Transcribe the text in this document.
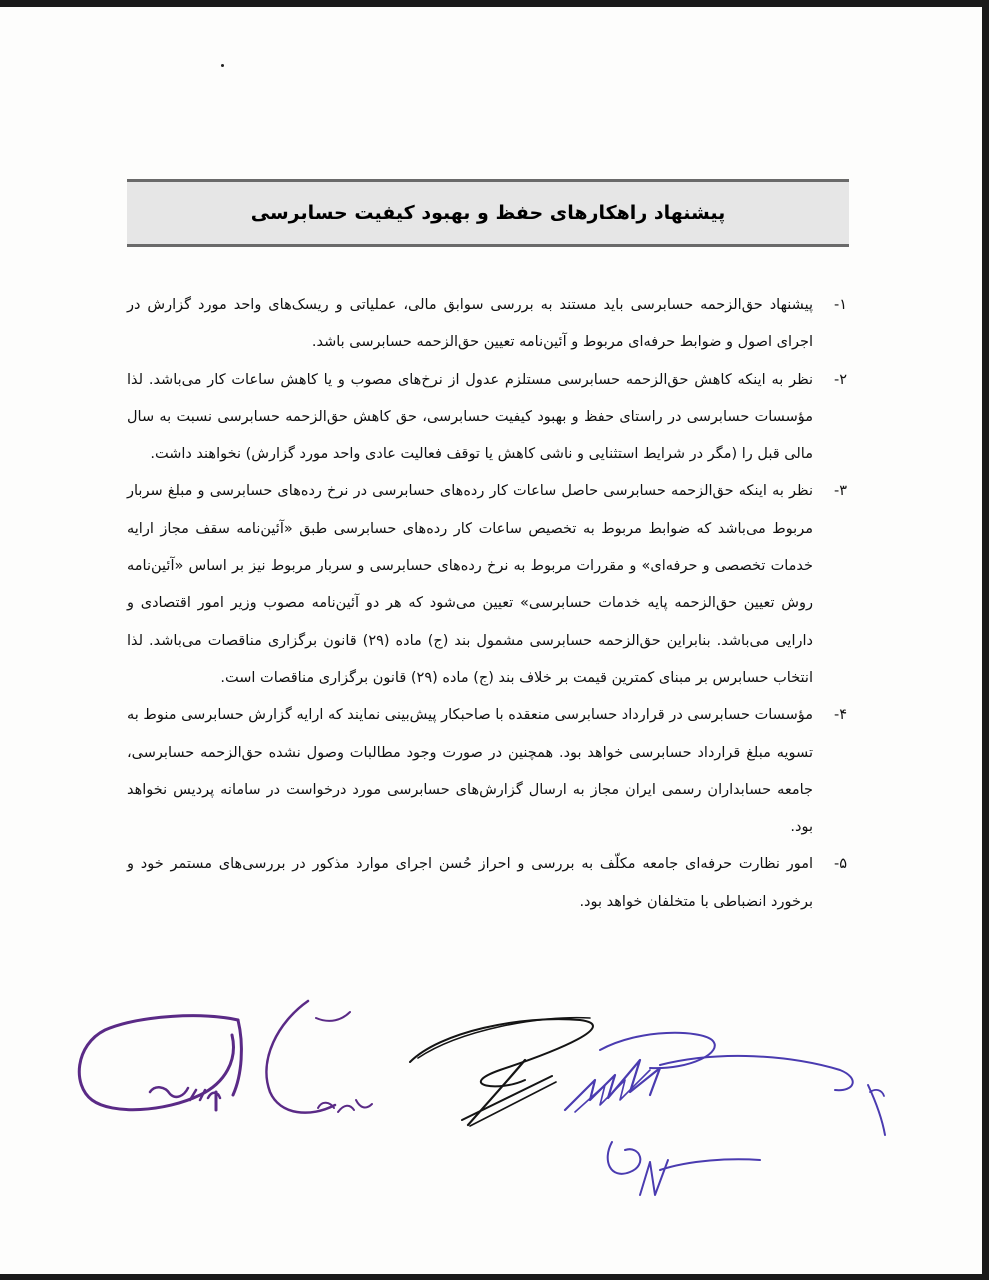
پیشنهاد راهکارهای حفظ و بهبود کیفیت حسابرسی
۱-
پیشنهاد حق‌الزحمه حسابرسی باید مستند به بررسی سوابق مالی، عملیاتی و ریسک‌های واحد مورد گزارش در اجرای اصول و ضوابط حرفه‌ای مربوط و آئین‌نامه تعیین حق‌الزحمه حسابرسی باشد.
۲-
نظر به اینکه کاهش حق‌الزحمه حسابرسی مستلزم عدول از نرخ‌های مصوب و یا کاهش ساعات کار می‌باشد. لذا مؤسسات حسابرسی در راستای حفظ و بهبود کیفیت حسابرسی، حق کاهش حق‌الزحمه حسابرسی نسبت به سال مالی قبل را (مگر در شرایط استثنایی و ناشی کاهش یا توقف فعالیت عادی واحد مورد گزارش) نخواهند داشت.
۳-
نظر به اینکه حق‌الزحمه حسابرسی حاصل ساعات کار رده‌های حسابرسی در نرخ رده‌های حسابرسی و مبلغ سربار مربوط می‌باشد که ضوابط مربوط به تخصیص ساعات کار رده‌های حسابرسی طبق «آئین‌نامه سقف مجاز ارایه خدمات تخصصی و حرفه‌ای» و مقررات مربوط به نرخ رده‌های حسابرسی و سربار مربوط نیز بر اساس «آئین‌نامه روش تعیین حق‌الزحمه پایه خدمات حسابرسی» تعیین می‌شود که هر دو آئین‌نامه مصوب وزیر امور اقتصادی و دارایی می‌باشد. بنابراین حق‌الزحمه حسابرسی مشمول بند (ج) ماده (۲۹) قانون برگزاری مناقصات می‌باشد. لذا انتخاب حسابرس بر مبنای کمترین قیمت بر خلاف بند (ج) ماده (۲۹) قانون برگزاری مناقصات است.
۴-
مؤسسات حسابرسی در قرارداد حسابرسی منعقده با صاحبکار پیش‌بینی نمایند که ارایه گزارش حسابرسی منوط به تسویه مبلغ قرارداد حسابرسی خواهد بود. همچنین در صورت وجود مطالبات وصول نشده حق‌الزحمه حسابرسی، جامعه حسابداران رسمی ایران مجاز به ارسال گزارش‌های حسابرسی مورد درخواست در سامانه پردیس نخواهد بود.
۵-
امور نظارت حرفه‌ای جامعه مکلّف به بررسی و احراز حُسن اجرای موارد مذکور در بررسی‌های مستمر خود و برخورد انضباطی با متخلفان خواهد بود.
